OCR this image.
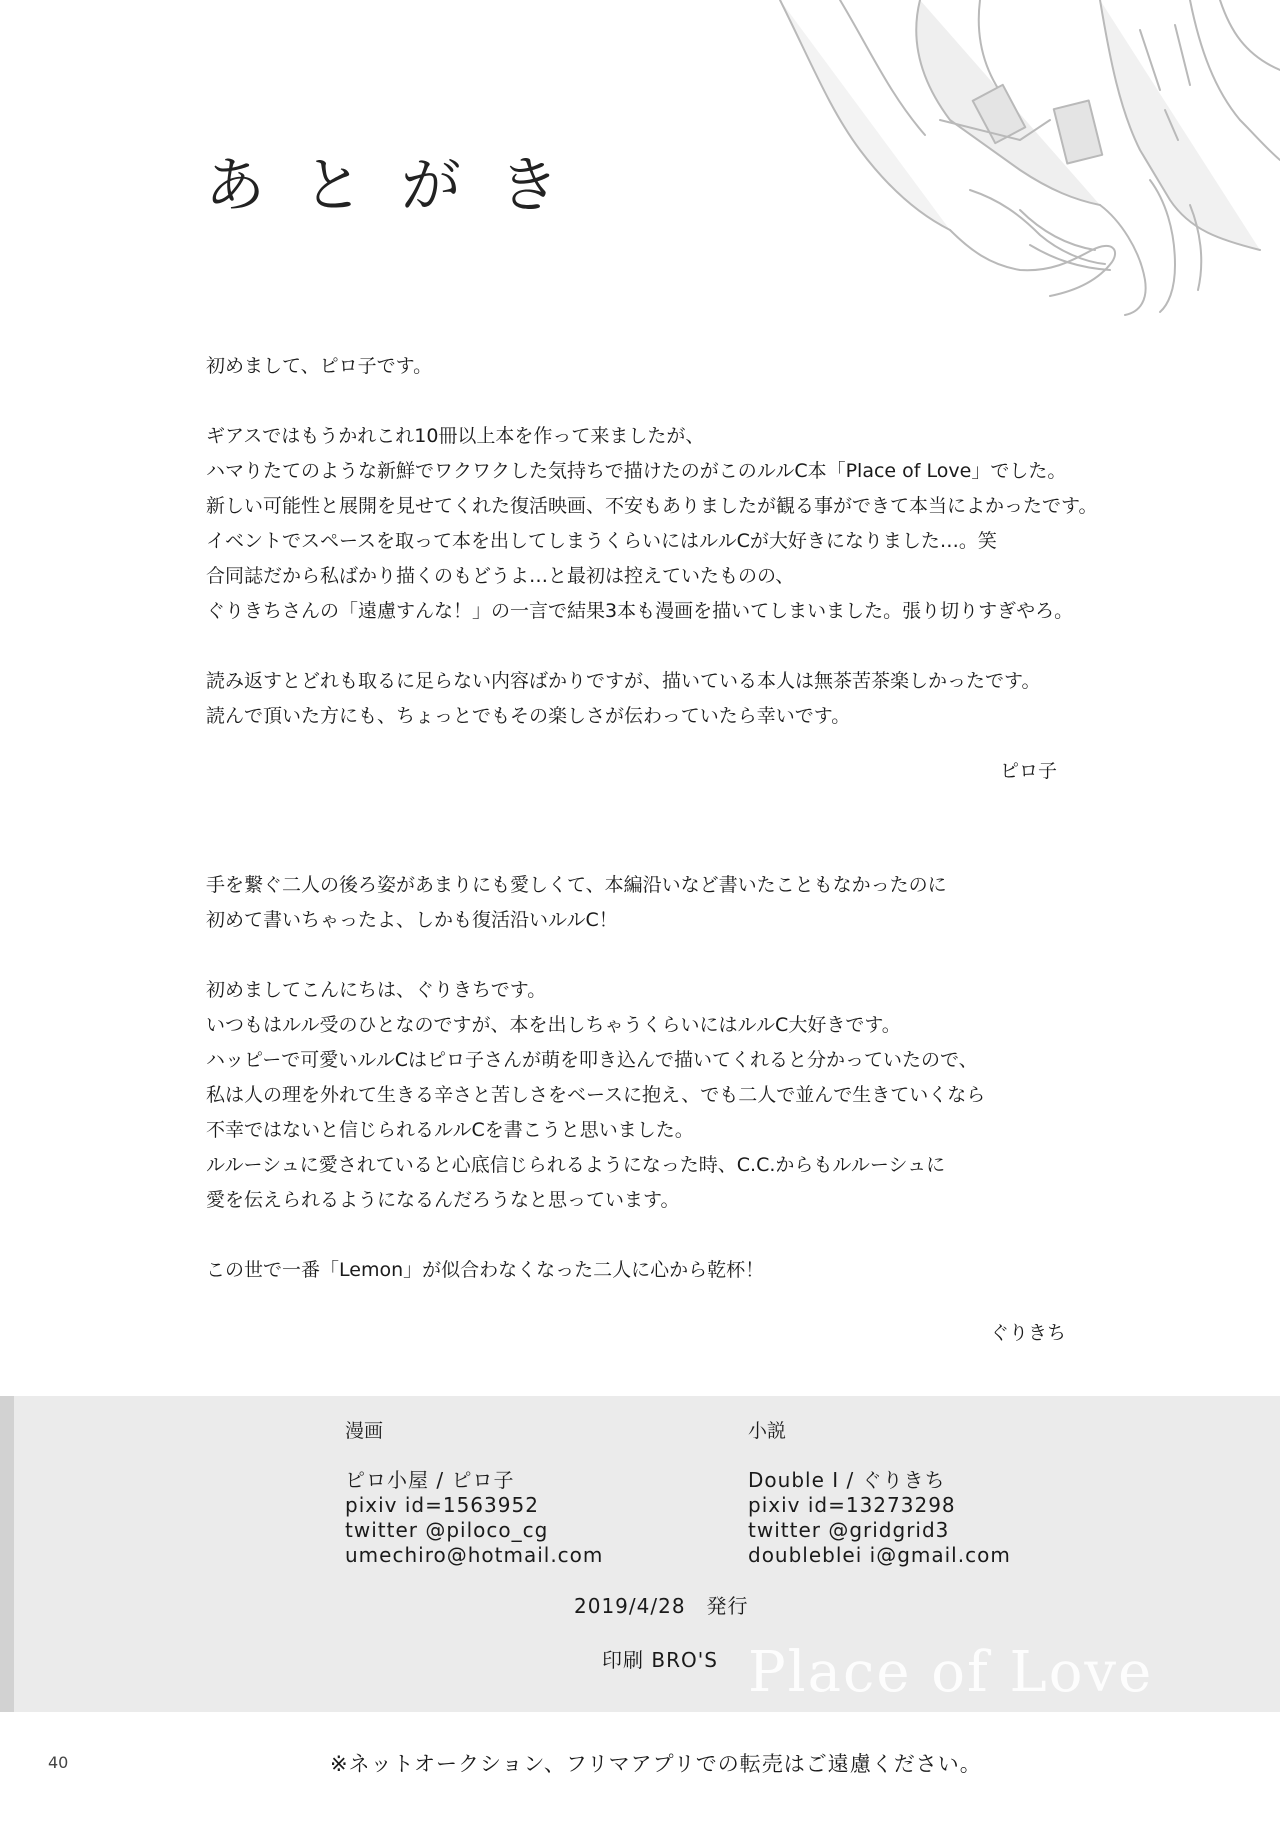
あとがき
初めまして、ピロ子です。
ギアスではもうかれこれ10冊以上本を作って来ましたが、
ハマりたてのような新鮮でワクワクした気持ちで描けたのがこのルルC本「Place of Love」でした。
新しい可能性と展開を見せてくれた復活映画、不安もありましたが観る事ができて本当によかったです。
イベントでスペースを取って本を出してしまうくらいにはルルCが大好きになりました…。笑
合同誌だから私ばかり描くのもどうよ…と最初は控えていたものの、
ぐりきちさんの「遠慮すんな！」の一言で結果3本も漫画を描いてしまいました。張り切りすぎやろ。
読み返すとどれも取るに足らない内容ばかりですが、描いている本人は無茶苦茶楽しかったです。
読んで頂いた方にも、ちょっとでもその楽しさが伝わっていたら幸いです。
ピロ子
手を繋ぐ二人の後ろ姿があまりにも愛しくて、本編沿いなど書いたこともなかったのに
初めて書いちゃったよ、しかも復活沿いルルC！
初めましてこんにちは、ぐりきちです。
いつもはルル受のひとなのですが、本を出しちゃうくらいにはルルC大好きです。
ハッピーで可愛いルルCはピロ子さんが萌を叩き込んで描いてくれると分かっていたので、
私は人の理を外れて生きる辛さと苦しさをベースに抱え、でも二人で並んで生きていくなら
不幸ではないと信じられるルルCを書こうと思いました。
ルルーシュに愛されていると心底信じられるようになった時、C.C.からもルルーシュに
愛を伝えられるようになるんだろうなと思っています。
この世で一番「Lemon」が似合わなくなった二人に心から乾杯！
ぐりきち
漫画
ピロ小屋 / ピロ子
pixiv id=1563952
twitter @piloco_cg
umechiro@hotmail.com
小説
Double I / ぐりきち
pixiv id=13273298
twitter @gridgrid3
doubleblei i@gmail.com
2019/4/28　発行
Place of Love
印刷 BRO'S
40	※ネットオークション、フリマアプリでの転売はご遠慮ください。
